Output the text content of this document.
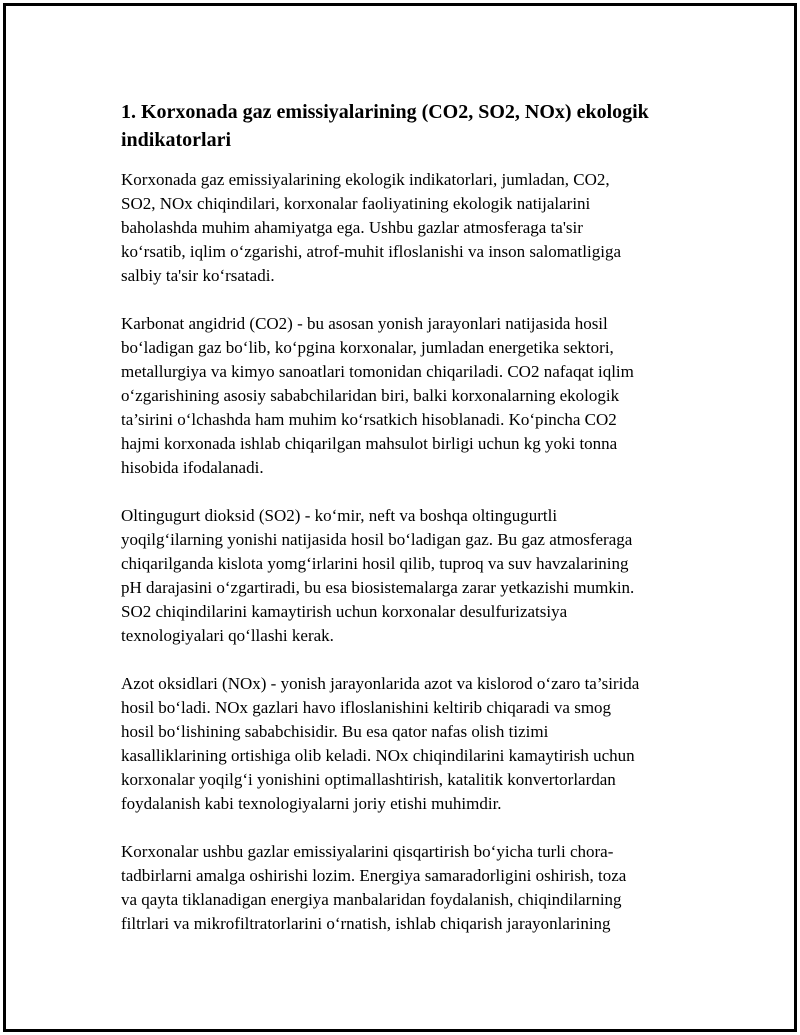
1. Korxonada gaz emissiyalarining (CO2, SO2, NOx) ekologik
indikatorlari

Korxonada gaz emissiyalarining ekologik indikatorlari, jumladan, CO2,
SO2, NOx chiqindilari, korxonalar faoliyatining ekologik natijalarini
baholashda muhim ahamiyatga ega. Ushbu gazlar atmosferaga ta'sir
ko‘rsatib, iqlim o‘zgarishi, atrof-muhit ifloslanishi va inson salomatligiga
salbiy ta'sir ko‘rsatadi.

Karbonat angidrid (CO2) - bu asosan yonish jarayonlari natijasida hosil
bo‘ladigan gaz bo‘lib, ko‘pgina korxonalar, jumladan energetika sektori,
metallurgiya va kimyo sanoatlari tomonidan chiqariladi. CO2 nafaqat iqlim
o‘zgarishining asosiy sababchilaridan biri, balki korxonalarning ekologik
ta’sirini o‘lchashda ham muhim ko‘rsatkich hisoblanadi. Ko‘pincha CO2
hajmi korxonada ishlab chiqarilgan mahsulot birligi uchun kg yoki tonna
hisobida ifodalanadi.

Oltingugurt dioksid (SO2) - ko‘mir, neft va boshqa oltingugurtli
yoqilg‘ilarning yonishi natijasida hosil bo‘ladigan gaz. Bu gaz atmosferaga
chiqarilganda kislota yomg‘irlarini hosil qilib, tuproq va suv havzalarining
pH darajasini o‘zgartiradi, bu esa biosistemalarga zarar yetkazishi mumkin.
SO2 chiqindilarini kamaytirish uchun korxonalar desulfurizatsiya
texnologiyalari qo‘llashi kerak.

Azot oksidlari (NOx) - yonish jarayonlarida azot va kislorod o‘zaro ta’sirida
hosil bo‘ladi. NOx gazlari havo ifloslanishini keltirib chiqaradi va smog
hosil bo‘lishining sababchisidir. Bu esa qator nafas olish tizimi
kasalliklarining ortishiga olib keladi. NOx chiqindilarini kamaytirish uchun
korxonalar yoqilg‘i yonishini optimallashtirish, katalitik konvertorlardan
foydalanish kabi texnologiyalarni joriy etishi muhimdir.

Korxonalar ushbu gazlar emissiyalarini qisqartirish bo‘yicha turli chora-
tadbirlarni amalga oshirishi lozim. Energiya samaradorligini oshirish, toza
va qayta tiklanadigan energiya manbalaridan foydalanish, chiqindilarning
filtrlari va mikrofiltratorlarini o‘rnatish, ishlab chiqarish jarayonlarining
